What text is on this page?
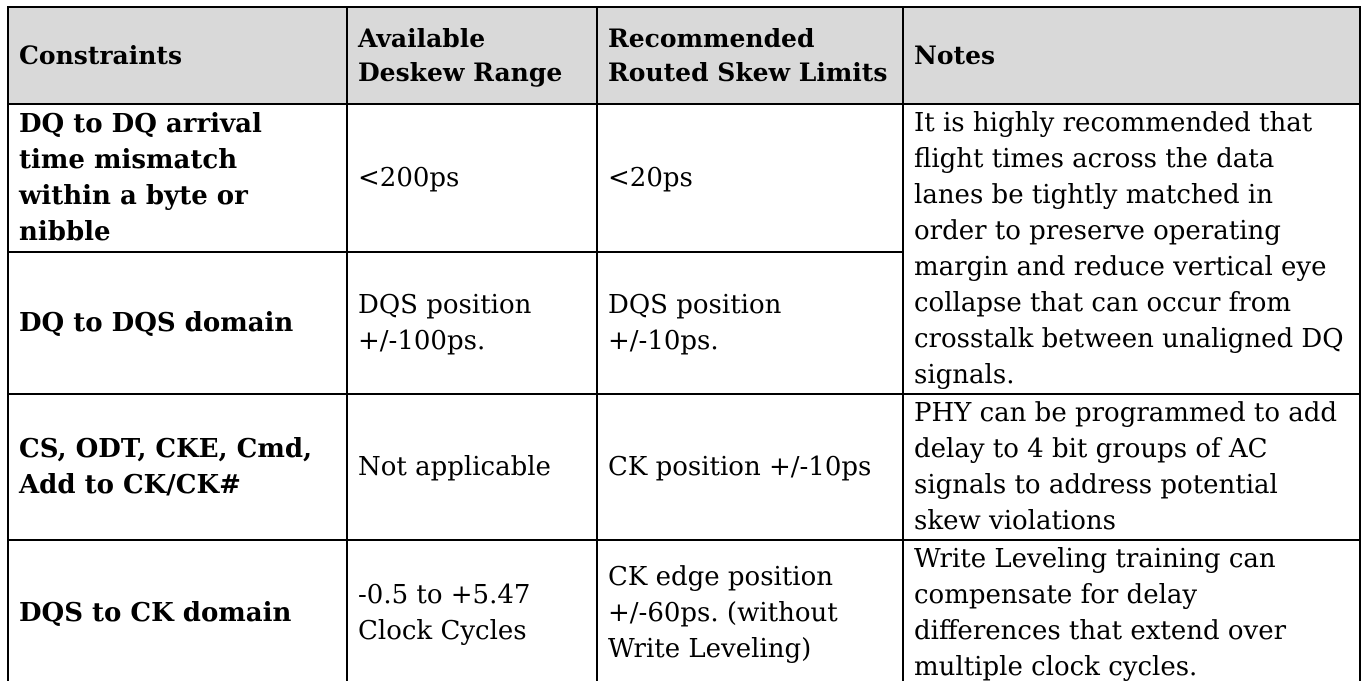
Constraints	Available Deskew Range	Recommended Routed Skew Limits	Notes
DQ to DQ arrival time mismatch within a byte or nibble	<200ps	<20ps	It is highly recommended that flight times across the data lanes be tightly matched in order to preserve operating margin and reduce vertical eye collapse that can occur from crosstalk between unaligned DQ signals.
DQ to DQS domain	DQS position +/-100ps.	DQS position +/-10ps.	
CS, ODT, CKE, Cmd, Add to CK/CK#	Not applicable	CK position +/-10ps	PHY can be programmed to add delay to 4 bit groups of AC signals to address potential skew violations
DQS to CK domain	-0.5 to +5.47 Clock Cycles	CK edge position +/-60ps. (without Write Leveling)	Write Leveling training can compensate for delay differences that extend over multiple clock cycles.
